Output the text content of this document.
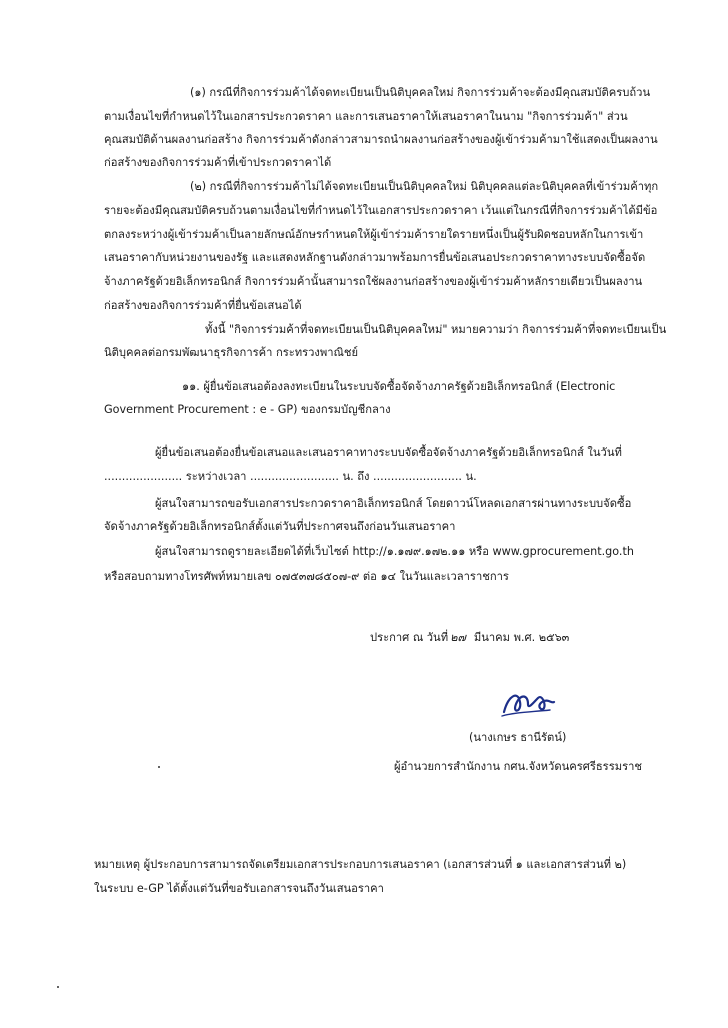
(๑) กรณีที่กิจการร่วมค้าได้จดทะเบียนเป็นนิติบุคคลใหม่ กิจการร่วมค้าจะต้องมีคุณสมบัติครบถ้วน
ตามเงื่อนไขที่กำหนดไว้ในเอกสารประกวดราคา และการเสนอราคาให้เสนอราคาในนาม "กิจการร่วมค้า" ส่วน
คุณสมบัติด้านผลงานก่อสร้าง กิจการร่วมค้าดังกล่าวสามารถนำผลงานก่อสร้างของผู้เข้าร่วมค้ามาใช้แสดงเป็นผลงาน
ก่อสร้างของกิจการร่วมค้าที่เข้าประกวดราคาได้
(๒) กรณีที่กิจการร่วมค้าไม่ได้จดทะเบียนเป็นนิติบุคคลใหม่ นิติบุคคลแต่ละนิติบุคคลที่เข้าร่วมค้าทุก
รายจะต้องมีคุณสมบัติครบถ้วนตามเงื่อนไขที่กำหนดไว้ในเอกสารประกวดราคา เว้นแต่ในกรณีที่กิจการร่วมค้าได้มีข้อ
ตกลงระหว่างผู้เข้าร่วมค้าเป็นลายลักษณ์อักษรกำหนดให้ผู้เข้าร่วมค้ารายใดรายหนึ่งเป็นผู้รับผิดชอบหลักในการเข้า
เสนอราคากับหน่วยงานของรัฐ และแสดงหลักฐานดังกล่าวมาพร้อมการยื่นข้อเสนอประกวดราคาทางระบบจัดซื้อจัด
จ้างภาครัฐด้วยอิเล็กทรอนิกส์ กิจการร่วมค้านั้นสามารถใช้ผลงานก่อสร้างของผู้เข้าร่วมค้าหลักรายเดียวเป็นผลงาน
ก่อสร้างของกิจการร่วมค้าที่ยื่นข้อเสนอได้
ทั้งนี้ "กิจการร่วมค้าที่จดทะเบียนเป็นนิติบุคคลใหม่" หมายความว่า กิจการร่วมค้าที่จดทะเบียนเป็น
นิติบุคคลต่อกรมพัฒนาธุรกิจการค้า กระทรวงพาณิชย์
๑๑. ผู้ยื่นข้อเสนอต้องลงทะเบียนในระบบจัดซื้อจัดจ้างภาครัฐด้วยอิเล็กทรอนิกส์ (Electronic
Government Procurement : e - GP) ของกรมบัญชีกลาง
ผู้ยื่นข้อเสนอต้องยื่นข้อเสนอและเสนอราคาทางระบบจัดซื้อจัดจ้างภาครัฐด้วยอิเล็กทรอนิกส์ ในวันที่
...................... ระหว่างเวลา ......................... น. ถึง ......................... น.
ผู้สนใจสามารถขอรับเอกสารประกวดราคาอิเล็กทรอนิกส์ โดยดาวน์โหลดเอกสารผ่านทางระบบจัดซื้อ
จัดจ้างภาครัฐด้วยอิเล็กทรอนิกส์ตั้งแต่วันที่ประกาศจนถึงก่อนวันเสนอราคา
ผู้สนใจสามารถดูรายละเอียดได้ที่เว็บไซต์ http://๑.๑๗๙.๑๗๒.๑๑ หรือ www.gprocurement.go.th
หรือสอบถามทางโทรศัพท์หมายเลข ๐๗๕๓๗๘๕๐๗-๙ ต่อ ๑๔ ในวันและเวลาราชการ
ประกาศ ณ วันที่ ๒๗ มีนาคม พ.ศ. ๒๕๖๓
(นางเกษร ธานีรัตน์)
ผู้อำนวยการสำนักงาน กศน.จังหวัดนครศรีธรรมราช
หมายเหตุ ผู้ประกอบการสามารถจัดเตรียมเอกสารประกอบการเสนอราคา (เอกสารส่วนที่ ๑ และเอกสารส่วนที่ ๒)
ในระบบ e-GP ได้ตั้งแต่วันที่ขอรับเอกสารจนถึงวันเสนอราคา
